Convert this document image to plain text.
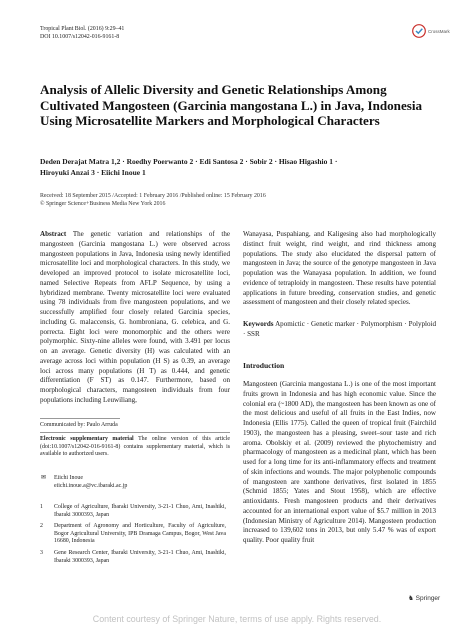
Tropical Plant Biol. (2016) 9:29–41
DOI 10.1007/s12042-016-9161-8
CrossMark
Analysis of Allelic Diversity and Genetic Relationships Among Cultivated Mangosteen (Garcinia mangostana L.) in Java, Indonesia Using Microsatellite Markers and Morphological Characters
Deden Derajat Matra 1,2 · Roedhy Poerwanto 2 · Edi Santosa 2 · Sobir 2 · Hisao Higashio 1 ·
Hiroyuki Anzai 3 · Eiichi Inoue 1
Received: 18 September 2015 /Accepted: 1 February 2016 /Published online: 15 February 2016
© Springer Science+Business Media New York 2016
Abstract The genetic variation and relationships of the mangosteen (Garcinia mangostana L.) were observed across mangosteen populations in Java, Indonesia using newly identified microsatellite loci and morphological characters. In this study, we developed an improved protocol to isolate microsatellite loci, named Selective Repeats from AFLP Sequence, by using a hybridized membrane. Twenty microsatellite loci were evaluated using 78 individuals from five mangosteen populations, and we successfully amplified four closely related Garcinia species, including G. malaccensis, G. hombroniana, G. celebica, and G. porrecta. Eight loci were monomorphic and the others were polymorphic. Sixty-nine alleles were found, with 3.491 per locus on an average. Genetic diversity (H) was calculated with an average across loci within population (H S) as 0.39, an average loci across many populations (H T) as 0.444, and genetic differentiation (F ST) as 0.147. Furthermore, based on morphological characters, mangosteen individuals from four populations including Leuwiliang,
Communicated by: Paulo Arruda
Electronic supplementary material The online version of this article (doi:10.1007/s12042-016-9161-8) contains supplementary material, which is available to authorized users.
✉ Eiichi Inoue
eiichi.inoue.a@vc.ibaraki.ac.jp
1 College of Agriculture, Ibaraki University, 3-21-1 Chuo, Ami, Inashiki, Ibaraki 3000393, Japan
2 Department of Agronomy and Horticulture, Faculty of Agriculture, Bogor Agricultural University, IPB Dramaga Campus, Bogor, West Java 16680, Indonesia
3 Gene Research Center, Ibaraki University, 3-21-1 Chuo, Ami, Inashiki, Ibaraki 3000393, Japan
Wanayasa, Puspahiang, and Kaligesing also had morphologically distinct fruit weight, rind weight, and rind thickness among populations. The study also elucidated the dispersal pattern of mangosteen in Java; the source of the genotype mangosteen in Java population was the Wanayasa population. In addition, we found evidence of tetraploidy in mangosteen. These results have potential applications in future breeding, conservation studies, and genetic assessment of mangosteen and their closely related species.
Keywords Apomictic · Genetic marker · Polymorphism · Polyploid · SSR
Introduction
Mangosteen (Garcinia mangostana L.) is one of the most important fruits grown in Indonesia and has high economic value. Since the colonial era (~1800 AD), the mangosteen has been known as one of the most delicious and useful of all fruits in the East Indies, now Indonesia (Ellis 1775). Called the queen of tropical fruit (Fairchild 1903), the mangosteen has a pleasing, sweet–sour taste and rich aroma. Obolskiy et al. (2009) reviewed the phytochemistry and pharmacology of mangosteen as a medicinal plant, which has been used for a long time for its anti-inflammatory effects and treatment of skin infections and wounds. The major polyphenolic compounds of mangosteen are xanthone derivatives, first isolated in 1855 (Schmid 1855; Yates and Stout 1958), which are effective antioxidants. Fresh mangosteen products and their derivatives accounted for an international export value of $5.7 million in 2013 (Indonesian Ministry of Agriculture 2014). Mangosteen production increased to 139,602 tons in 2013, but only 5.47 % was of export quality. Poor quality fruit
♞ Springer
Content courtesy of Springer Nature, terms of use apply. Rights reserved.
